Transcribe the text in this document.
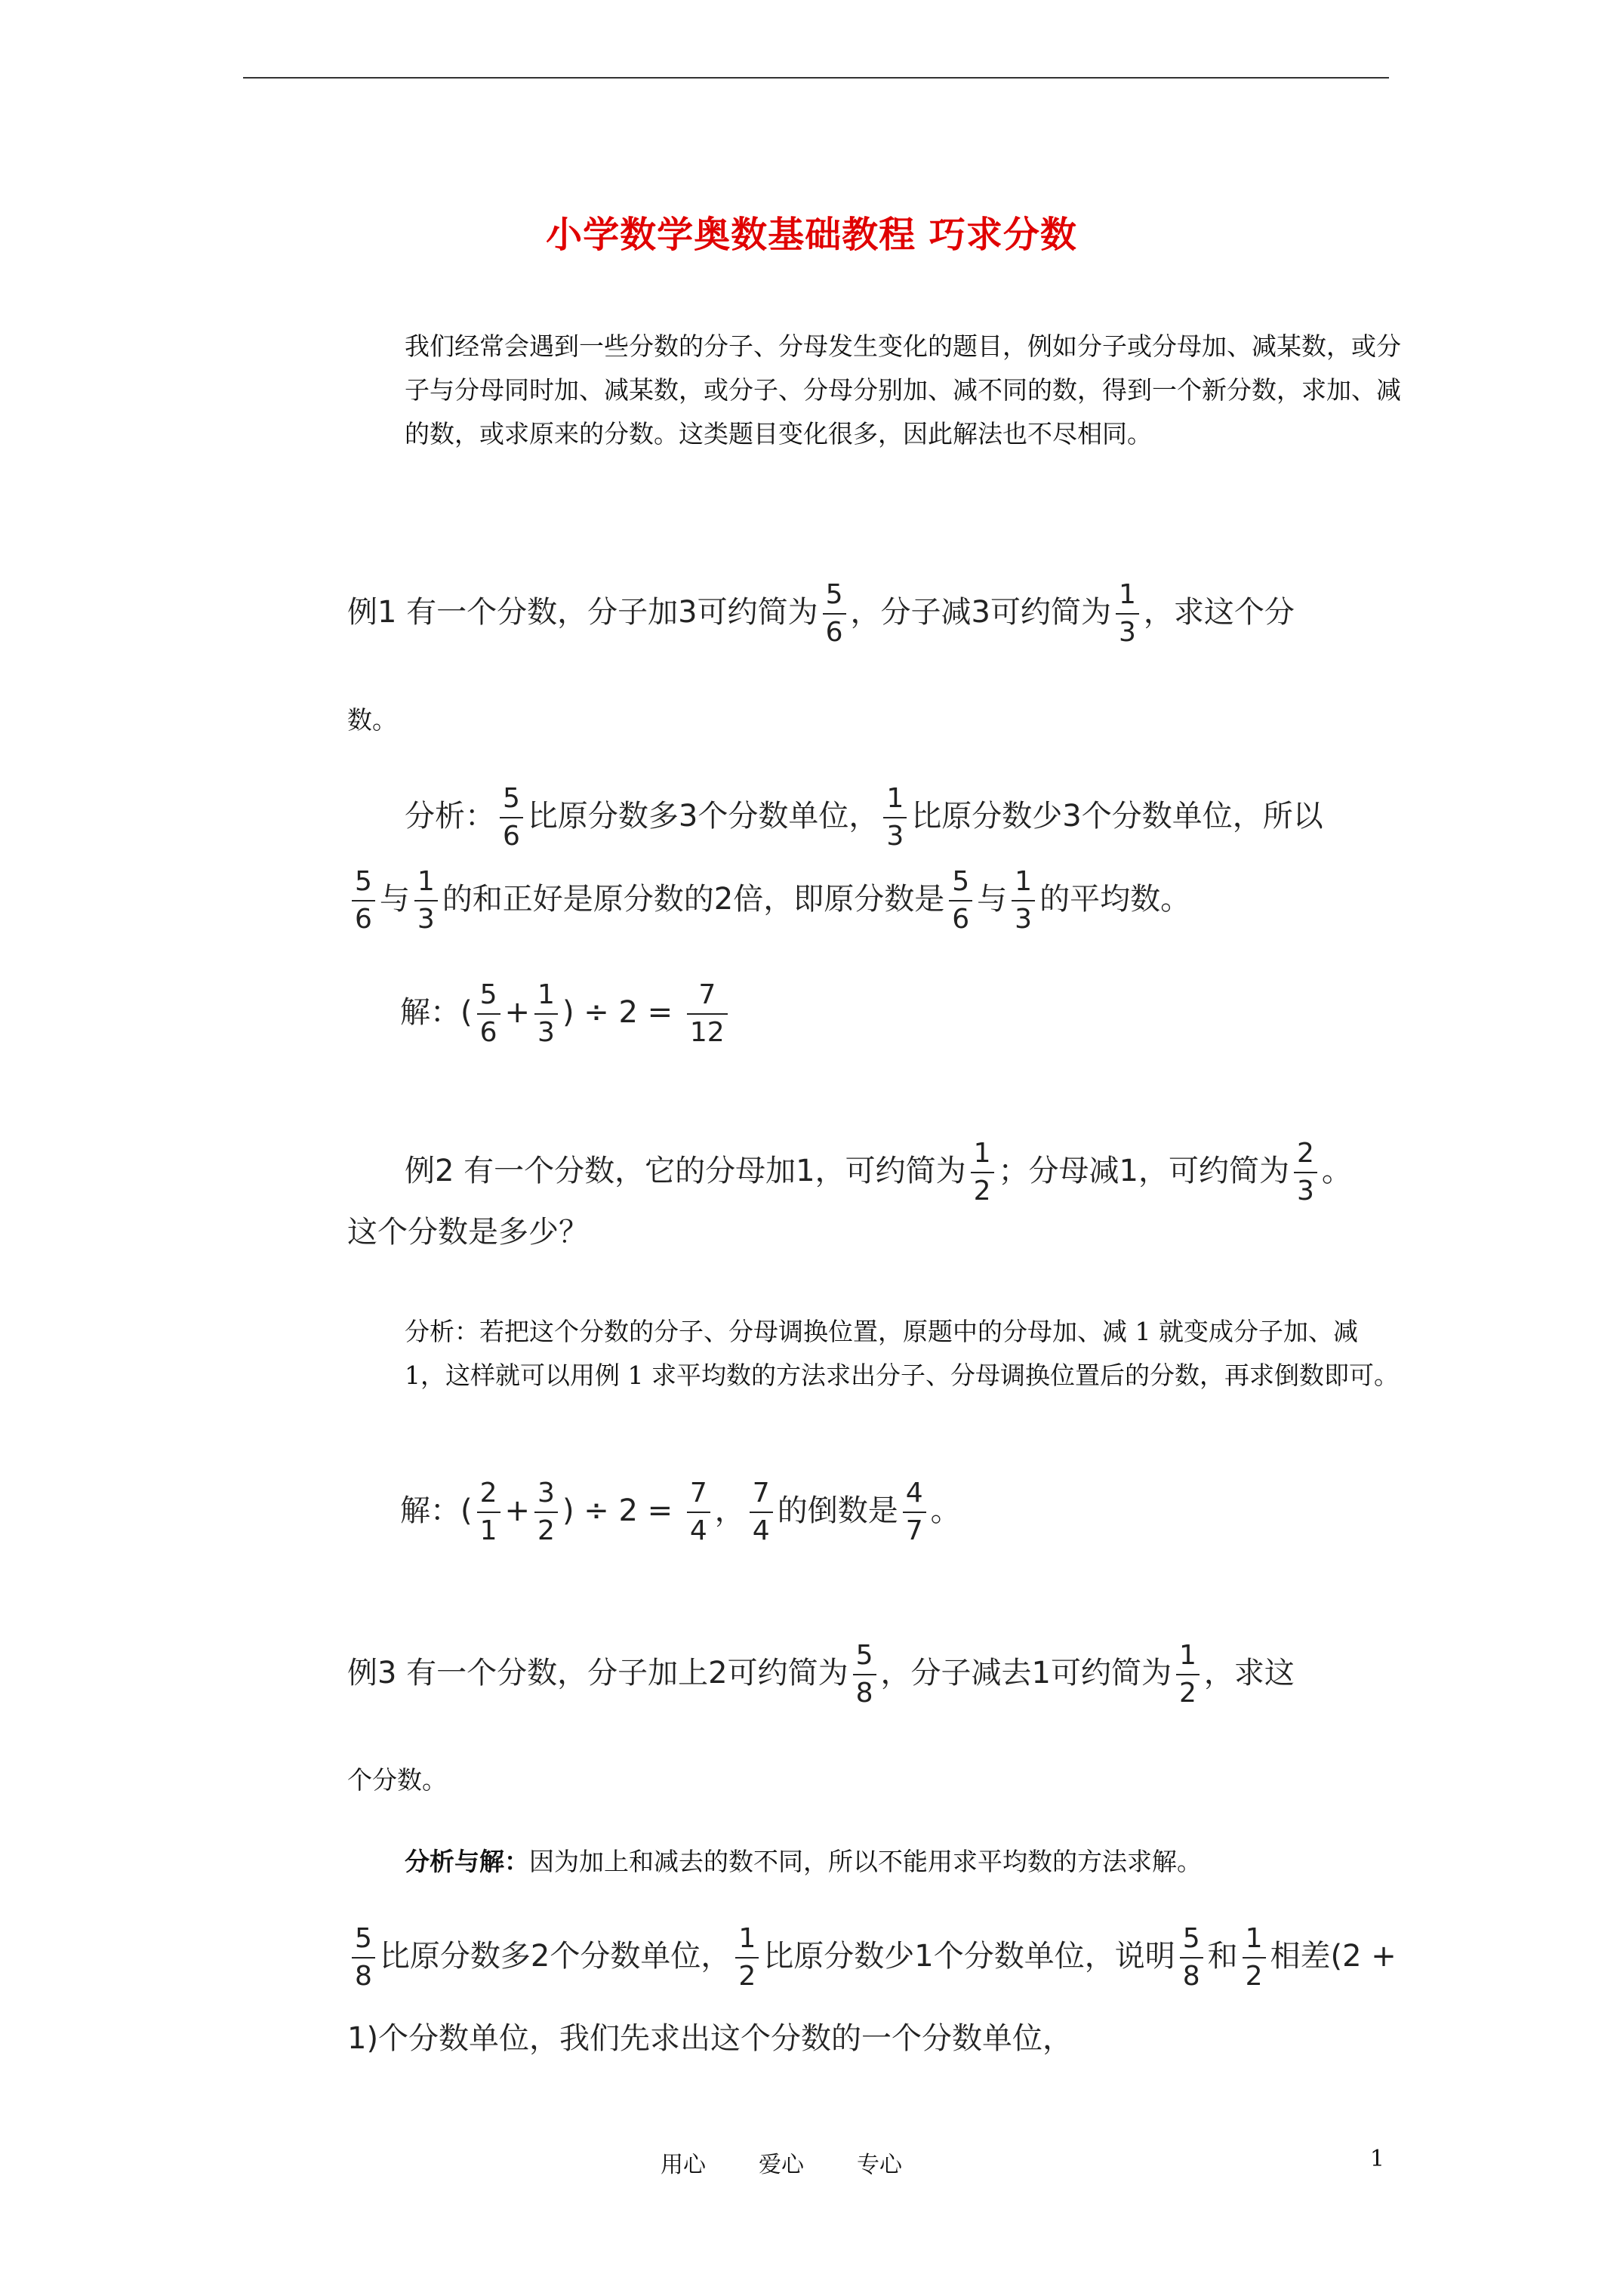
小学数学奥数基础教程 巧求分数
我们经常会遇到一些分数的分子、分母发生变化的题目，例如分子或分母加、减某数，或分子与分母同时加、减某数，或分子、分母分别加、减不同的数，得到一个新分数，求加、减的数，或求原来的分数。这类题目变化很多，因此解法也不尽相同。
例1 有一个分数，分子加3可约简为 $\frac{5}{6}$ ，分子减3可约简为 $\frac{1}{3}$ ，求这个分
数。
分析： $\frac{5}{6}$ 比原分数多3个分数单位， $\frac{1}{3}$ 比原分数少3个分数单位，所以
$\frac{5}{6}$ 与 $\frac{1}{3}$ 的和正好是原分数的2倍，即原分数是 $\frac{5}{6}$ 与 $\frac{1}{3}$ 的平均数。
解：( $\frac{5}{6} + \frac{1}{3}$ ) ÷ $2 = \frac{7}{12}$
例2 有一个分数，它的分母加1，可约简为 $\frac{1}{2}$ ；分母减1，可约简为 $\frac{2}{3}$ 。
这个分数是多少？
分析：若把这个分数的分子、分母调换位置，原题中的分母加、减 1 就变成分子加、减 1，这样就可以用例 1 求平均数的方法求出分子、分母调换位置后的分数，再求倒数即可。
解：( $\frac{2}{1} + \frac{3}{2}$ ) ÷ $2 = \frac{7}{4}$ ， $\frac{7}{4}$ 的倒数是 $\frac{4}{7}$ 。
例3 有一个分数，分子加上2可约简为 $\frac{5}{8}$ ，分子减去1可约简为 $\frac{1}{2}$ ，求这
个分数。
分析与解：因为加上和减去的数不同，所以不能用求平均数的方法求解。
$\frac{5}{8}$ 比原分数多2个分数单位， $\frac{1}{2}$ 比原分数少1个分数单位，说明 $\frac{5}{8}$ 和 $\frac{1}{2}$ 相差(2 +
1)个分数单位，我们先求出这个分数的一个分数单位，
用心 爱心 专心	1
